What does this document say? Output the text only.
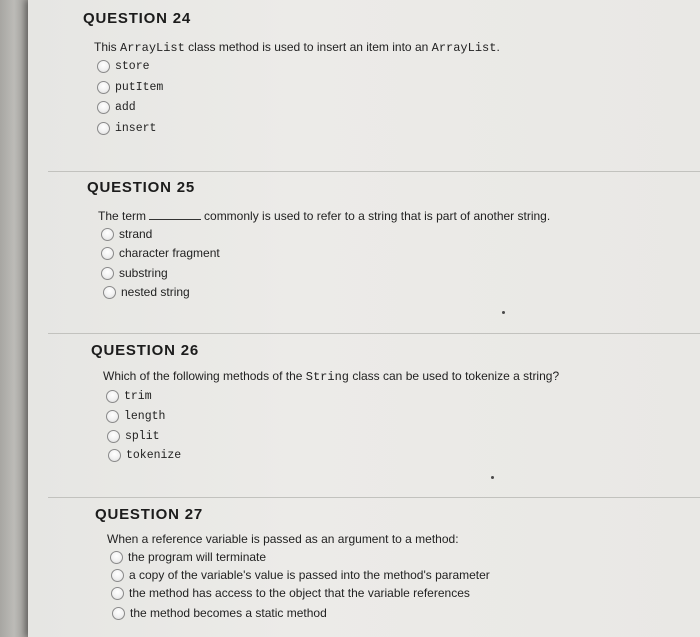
QUESTION 24
This ArrayList class method is used to insert an item into an ArrayList.
store
putItem
add
insert
QUESTION 25
The term	commonly is used to refer to a string that is part of another string.
strand
character fragment
substring
nested string
QUESTION 26
Which of the following methods of the String class can be used to tokenize a string?
trim
length
split
tokenize
QUESTION 27
When a reference variable is passed as an argument to a method:
the program will terminate
a copy of the variable's value is passed into the method's parameter
the method has access to the object that the variable references
the method becomes a static method
